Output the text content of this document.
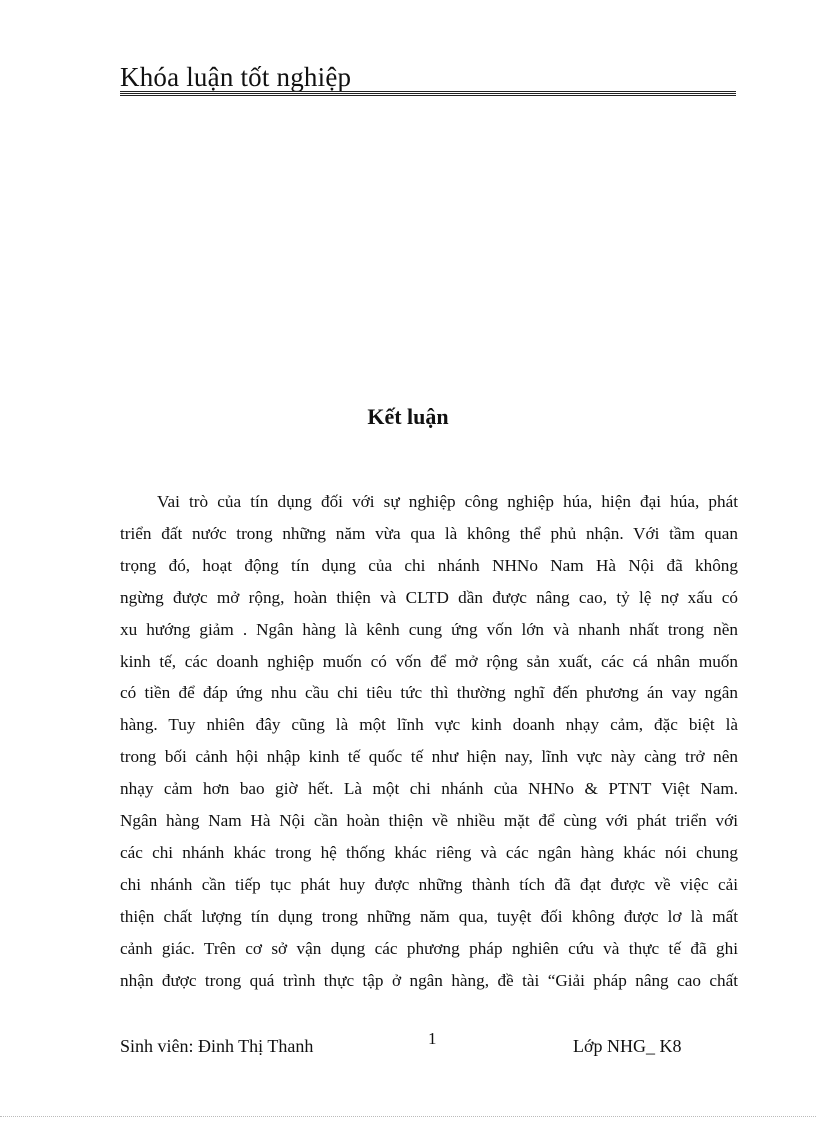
Khóa luận tốt nghiệp
Kết luận
Vai trò của tín dụng đối với sự nghiệp công nghiệp húa, hiện đại húa, phát
triển đất nước trong những năm vừa qua là không thể phủ nhận. Với tầm quan
trọng đó, hoạt động tín dụng của chi nhánh NHNo Nam Hà Nội đã không
ngừng được mở rộng, hoàn thiện và CLTD dần được nâng cao, tỷ lệ nợ xấu có
xu hướng giảm . Ngân hàng là kênh cung ứng vốn lớn và nhanh nhất trong nền
kinh tế, các doanh nghiệp muốn có vốn để mở rộng sản xuất, các cá nhân muốn
có tiền để đáp ứng nhu cầu chi tiêu tức thì thường nghĩ đến phương án vay ngân
hàng. Tuy nhiên đây cũng là một lĩnh vực kinh doanh nhạy cảm, đặc biệt là
trong bối cảnh hội nhập kinh tế quốc tế như hiện nay, lĩnh vực này càng trở nên
nhạy cảm hơn bao giờ hết. Là một chi nhánh của NHNo & PTNT Việt Nam.
Ngân hàng Nam Hà Nội cần hoàn thiện về nhiều mặt để cùng với phát triển với
các chi nhánh khác trong hệ thống khác riêng và các ngân hàng khác nói chung
chi nhánh cần tiếp tục phát huy được những thành tích đã đạt được về việc cải
thiện chất lượng tín dụng trong những năm qua, tuyệt đối không được lơ là mất
cảnh giác. Trên cơ sở vận dụng các phương pháp nghiên cứu và thực tế đã ghi
nhận được trong quá trình thực tập ở ngân hàng, đề tài “Giải pháp nâng cao chất
Sinh viên: Đinh Thị Thanh	1	Lớp NHG_ K8
